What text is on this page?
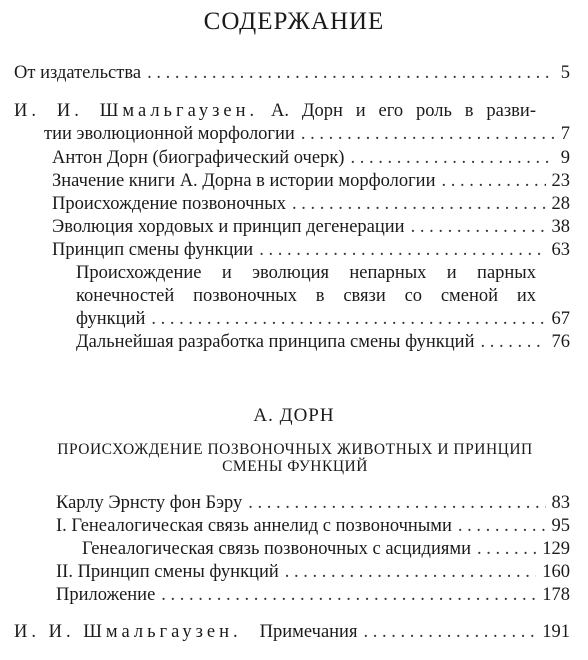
СОДЕРЖАНИЕ
От издательства . . .	5
И. И. Шмальгаузен. А. Дорн и его роль в разви-
тии эволюционной морфологии . . .	7
Антон Дорн (биографический очерк) . . .	9
Значение книги А. Дорна в истории морфологии . . .	23
Происхождение позвоночных . . .	28
Эволюция хордовых и принцип дегенерации . . .	38
Принцип смены функции . . .	63
Происхождение и эволюция непарных и парных
конечностей позвоночных в связи со сменой их
функций . . .	67
Дальнейшая разработка принципа смены функций . . .	76
А. ДОРН
ПРОИСХОЖДЕНИЕ ПОЗВОНОЧНЫХ ЖИВОТНЫХ И ПРИНЦИП
СМЕНЫ ФУНКЦИЙ
Карлу Эрнсту фон Бэру . . .	83
I. Генеалогическая связь аннелид с позвоночными . . .	95
Генеалогическая связь позвоночных с асцидиями . . .	129
II. Принцип смены функций . . .	160
Приложение . . .	178
И. И. Шмальгаузен. Примечания . . .	191
